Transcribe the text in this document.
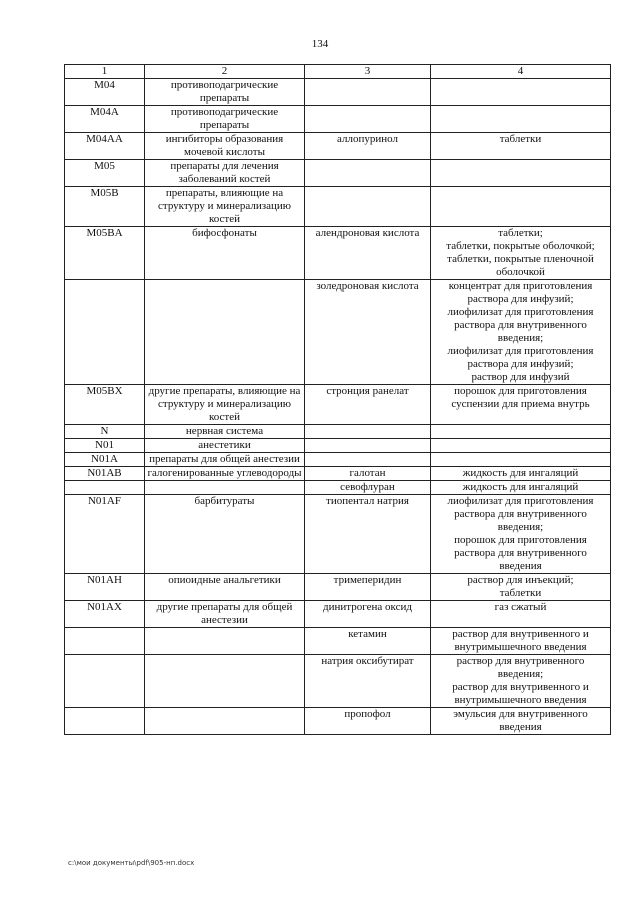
134
1	2	3	4
M04	противоподагрические препараты		
M04A	противоподагрические препараты		
M04AA	ингибиторы образования мочевой кислоты	аллопуринол	таблетки
M05	препараты для лечения заболеваний костей		
M05B	препараты, влияющие на структуру и минерализацию костей		
M05BA	бифосфонаты	алендроновая кислота	таблетки;
таблетки, покрытые оболочкой;
таблетки, покрытые пленочной оболочкой
		золедроновая кислота	концентрат для приготовления раствора для инфузий;
лиофилизат для приготовления раствора для внутривенного введения;
лиофилизат для приготовления раствора для инфузий;
раствор для инфузий
M05BX	другие препараты, влияющие на структуру и минерализацию костей	стронция ранелат	порошок для приготовления суспензии для приема внутрь
N	нервная система		
N01	анестетики		
N01A	препараты для общей анестезии		
N01AB	галогенированные углеводороды	галотан	жидкость для ингаляций
		севофлуран	жидкость для ингаляций
N01AF	барбитураты	тиопентал натрия	лиофилизат для приготовления раствора для внутривенного введения;
порошок для приготовления раствора для внутривенного введения
N01AH	опиоидные анальгетики	тримеперидин	раствор для инъекций;
таблетки
N01AX	другие препараты для общей анестезии	динитрогена оксид	газ сжатый
		кетамин	раствор для внутривенного и внутримышечного введения
		натрия оксибутират	раствор для внутривенного введения;
раствор для внутривенного и внутримышечного введения
		пропофол	эмульсия для внутривенного введения
c:\мои документы\pdf\905-нп.docx
